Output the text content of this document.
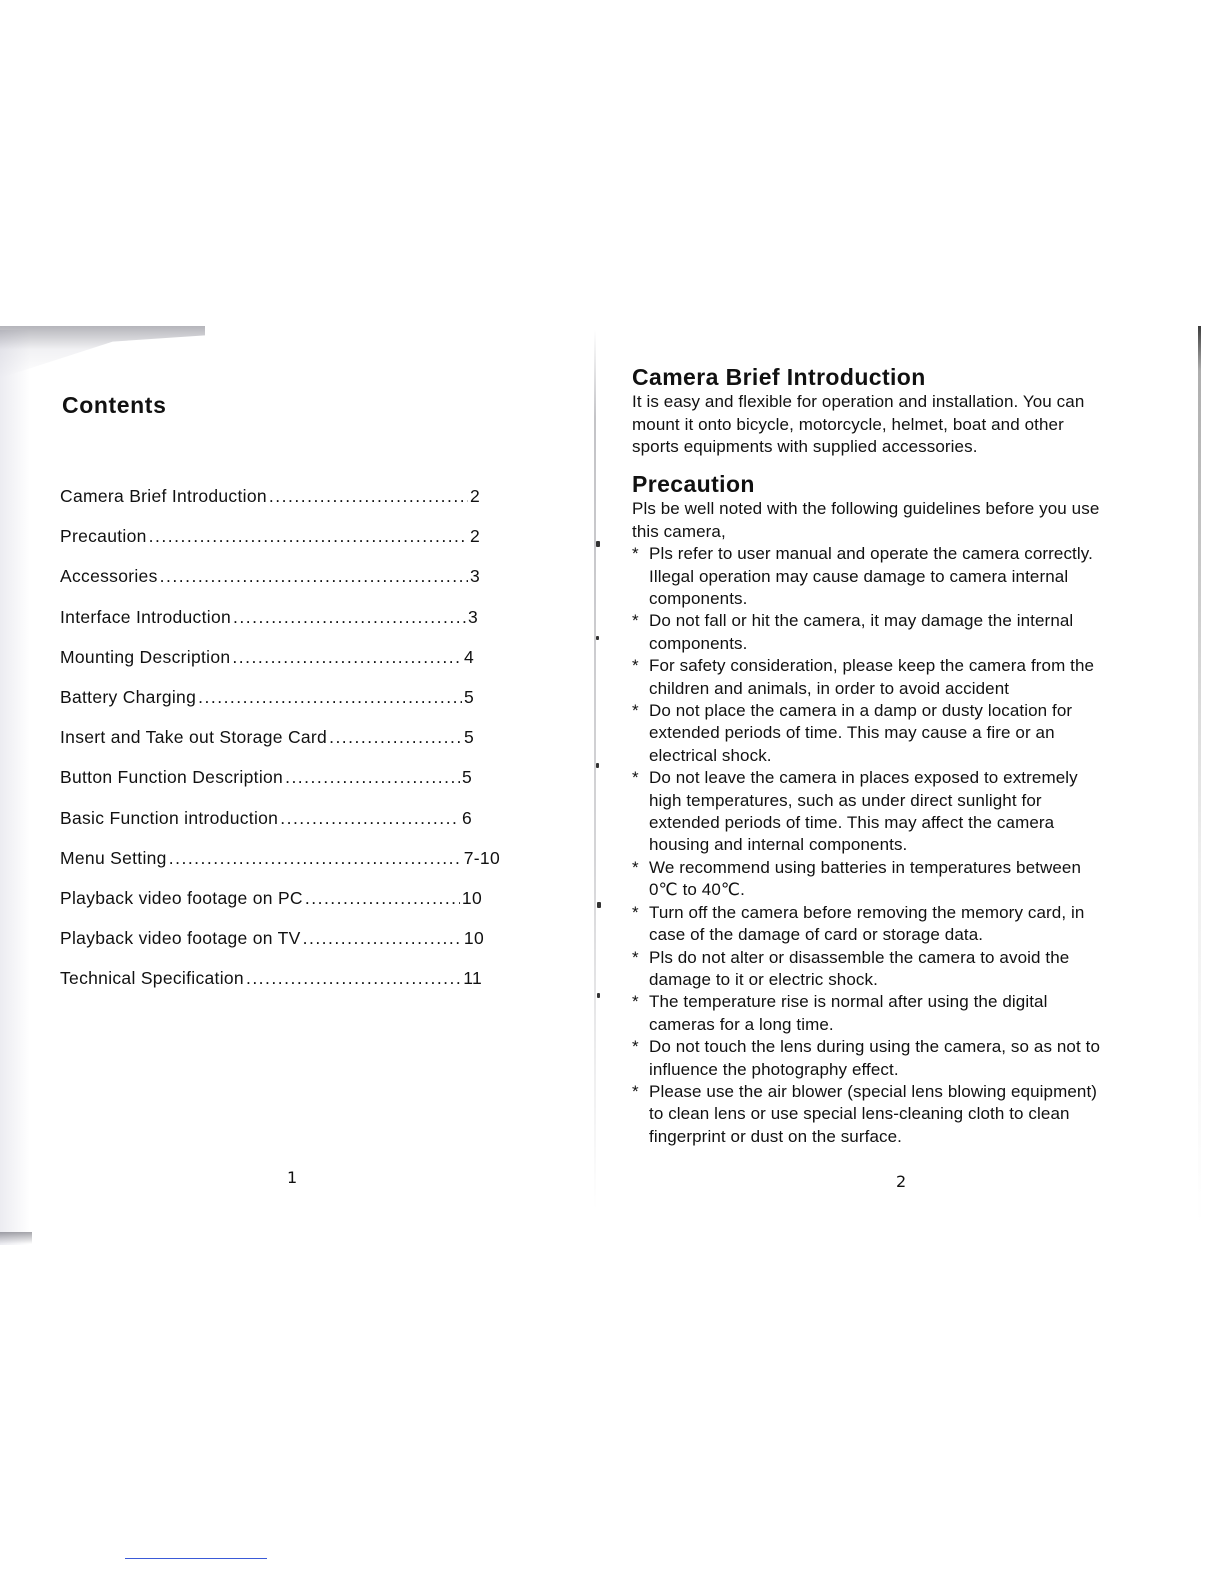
Contents
Camera Brief Introduction .....	2
Precaution .....	2
Accessories .....	3
Interface Introduction .....	3
Mounting Description .....	4
Battery Charging .....	5
Insert and Take out Storage Card .....	5
Button Function Description .....	5
Basic Function introduction .....	6
Menu Setting .....	7-10
Playback video footage on PC .....	10
Playback video footage on TV .....	10
Technical Specification .....	11
1
Camera Brief Introduction

It is easy and flexible for operation and installation. You can

mount it onto bicycle, motorcycle, helmet, boat and other

sports equipments with supplied accessories.

Precaution

Pls be well noted with the following guidelines before you use

this camera,

* Pls refer to user manual and operate the camera correctly.
Illegal operation may cause damage to camera internal
components.
* Do not fall or hit the camera, it may damage the internal
components.
* For safety consideration, please keep the camera from the
children and animals, in order to avoid accident
* Do not place the camera in a damp or dusty location for
extended periods of time. This may cause a fire or an
electrical shock.
* Do not leave the camera in places exposed to extremely
high temperatures, such as under direct sunlight for
extended periods of time. This may affect the camera
housing and internal components.
* We recommend using batteries in temperatures between
0℃ to 40℃.
* Turn off the camera before removing the memory card, in
case of the damage of card or storage data.
* Pls do not alter or disassemble the camera to avoid the
damage to it or electric shock.
* The temperature rise is normal after using the digital
cameras for a long time.
* Do not touch the lens during using the camera, so as not to
influence the photography effect.
* Please use the air blower (special lens blowing equipment)
to clean lens or use special lens-cleaning cloth to clean
fingerprint or dust on the surface.
2
